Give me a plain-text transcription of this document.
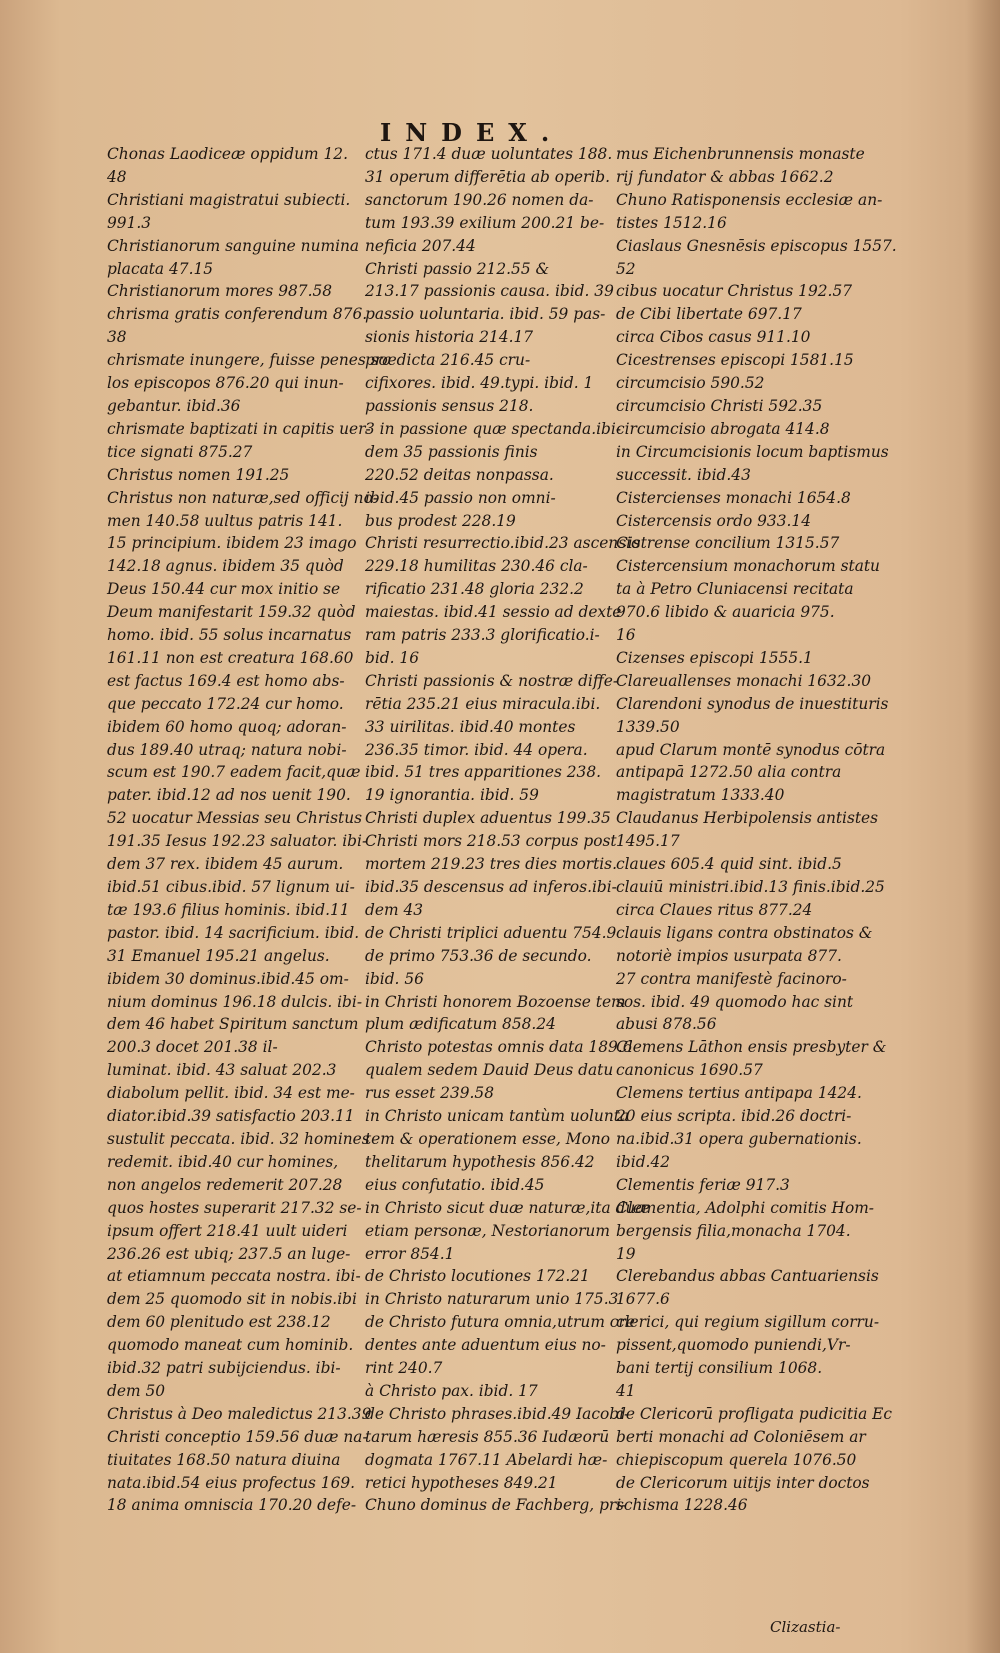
INDEX.
Chonas Laodiceæ oppidum 12.
48
Christiani magistratui subiecti.
991.3
Christianorum sanguine numina
placata 47.15
Christianorum mores 987.58
chrisma gratis conferendum 876.
38
chrismate inungere, fuisse penes so
los episcopos 876.20 qui inun-
gebantur. ibid.36
chrismate baptizati in capitis uer-
tice signati 875.27
Christus nomen 191.25
Christus non naturæ,sed officij no-
men 140.58 uultus patris 141.
15 principium. ibidem 23 imago
142.18 agnus. ibidem 35 quòd
Deus 150.44 cur mox initio se
Deum manifestarit 159.32 quòd
homo. ibid. 55 solus incarnatus
161.11 non est creatura 168.60
est factus 169.4 est homo abs-
que peccato 172.24 cur homo.
ibidem 60 homo quoq; adoran-
dus 189.40 utraq; natura nobi-
scum est 190.7 eadem facit,quæ
pater. ibid.12 ad nos uenit 190.
52 uocatur Messias seu Christus
191.35 Iesus 192.23 saluator. ibi-
dem 37 rex. ibidem 45 aurum.
ibid.51 cibus.ibid. 57 lignum ui-
tæ 193.6 filius hominis. ibid.11
pastor. ibid. 14 sacrificium. ibid.
31 Emanuel 195.21 angelus.
ibidem 30 dominus.ibid.45 om-
nium dominus 196.18 dulcis. ibi-
dem 46 habet Spiritum sanctum
200.3 docet 201.38 il-
luminat. ibid. 43 saluat 202.3
diabolum pellit. ibid. 34 est me-
diator.ibid.39 satisfactio 203.11
sustulit peccata. ibid. 32 homines
redemit. ibid.40 cur homines,
non angelos redemerit 207.28
quos hostes superarit 217.32 se-
ipsum offert 218.41 uult uideri
236.26 est ubiq; 237.5 an luge-
at etiamnum peccata nostra. ibi-
dem 25 quomodo sit in nobis.ibi
dem 60 plenitudo est 238.12
quomodo maneat cum hominib.
ibid.32 patri subijciendus. ibi-
dem 50
Christus à Deo maledictus 213.39
Christi conceptio 159.56 duæ na-
tiuitates 168.50 natura diuina
nata.ibid.54 eius profectus 169.
18 anima omniscia 170.20 defe-
ctus 171.4 duæ uoluntates 188.
31 operum differētia ab operib.
sanctorum 190.26 nomen da-
tum 193.39 exilium 200.21 be-
neficia 207.44
Christi passio 212.55 &
213.17 passionis causa. ibid. 39
passio uoluntaria. ibid. 59 pas-
sionis historia 214.17
prædicta 216.45 cru-
cifixores. ibid. 49.typi. ibid. 1
passionis sensus 218.
3 in passione quæ spectanda.ibi-
dem 35 passionis finis
220.52 deitas nonpassa.
ibid.45 passio non omni-
bus prodest 228.19
Christi resurrectio.ibid.23 ascensio
229.18 humilitas 230.46 cla-
rificatio 231.48 gloria 232.2
maiestas. ibid.41 sessio ad dexte
ram patris 233.3 glorificatio.i-
bid. 16
Christi passionis & nostræ diffe-
rētia 235.21 eius miracula.ibi.
33 uirilitas. ibid.40 montes
236.35 timor. ibid. 44 opera.
ibid. 51 tres apparitiones 238.
19 ignorantia. ibid. 59
Christi duplex aduentus 199.35
Christi mors 218.53 corpus post
mortem 219.23 tres dies mortis.
ibid.35 descensus ad inferos.ibi-
dem 43
de Christi triplici aduentu 754.9
de primo 753.36 de secundo.
ibid. 56
in Christi honorem Bozoense tem
plum ædificatum 858.24
Christo potestas omnis data 189.6
qualem sedem Dauid Deus datu
rus esset 239.58
in Christo unicam tantùm uolunta
tem & operationem esse, Mono
thelitarum hypothesis 856.42
eius confutatio. ibid.45
in Christo sicut duæ naturæ,ita duæ
etiam personæ, Nestorianorum
error 854.1
de Christo locutiones 172.21
in Christo naturarum unio 175.3
de Christo futura omnia,utrum cre
dentes ante aduentum eius no-
rint 240.7
à Christo pax. ibid. 17
de Christo phrases.ibid.49 Iacobi-
tarum hæresis 855.36 Iudæorū
dogmata 1767.11 Abelardi hæ-
retici hypotheses 849.21
Chuno dominus de Fachberg, pri-
mus Eichenbrunnensis monaste
rij fundator & abbas 1662.2
Chuno Ratisponensis ecclesiæ an-
tistes 1512.16
Ciaslaus Gnesnēsis episcopus 1557.
52
cibus uocatur Christus 192.57
de Cibi libertate 697.17
circa Cibos casus 911.10
Cicestrenses episcopi 1581.15
circumcisio 590.52
circumcisio Christi 592.35
circumcisio abrogata 414.8
in Circumcisionis locum baptismus
successit. ibid.43
Cistercienses monachi 1654.8
Cistercensis ordo 933.14
Cistrense concilium 1315.57
Cistercensium monachorum statu
ta à Petro Cluniacensi recitata
970.6 libido & auaricia 975.
16
Cizenses episcopi 1555.1
Clareuallenses monachi 1632.30
Clarendoni synodus de inuestituris
1339.50
apud Clarum montē synodus cōtra
antipapā 1272.50 alia contra
magistratum 1333.40
Claudanus Herbipolensis antistes
1495.17
claues 605.4 quid sint. ibid.5
clauiū ministri.ibid.13 finis.ibid.25
circa Claues ritus 877.24
clauis ligans contra obstinatos &
notoriè impios usurpata 877.
27 contra manifestè facinoro-
sos. ibid. 49 quomodo hac sint
abusi 878.56
Clemens Lāthon ensis presbyter &
canonicus 1690.57
Clemens tertius antipapa 1424.
20 eius scripta. ibid.26 doctri-
na.ibid.31 opera gubernationis.
ibid.42
Clementis feriæ 917.3
Clementia, Adolphi comitis Hom-
bergensis filia,monacha 1704.
19
Clerebandus abbas Cantuariensis
1677.6
clerici, qui regium sigillum corru-
pissent,quomodo puniendi,Vr-
bani tertij consilium 1068.
41
de Clericorū profligata pudicitia Ec
berti monachi ad Coloniēsem ar
chiepiscopum querela 1076.50
de Clericorum uitijs inter doctos
schisma 1228.46
Clizastia-
